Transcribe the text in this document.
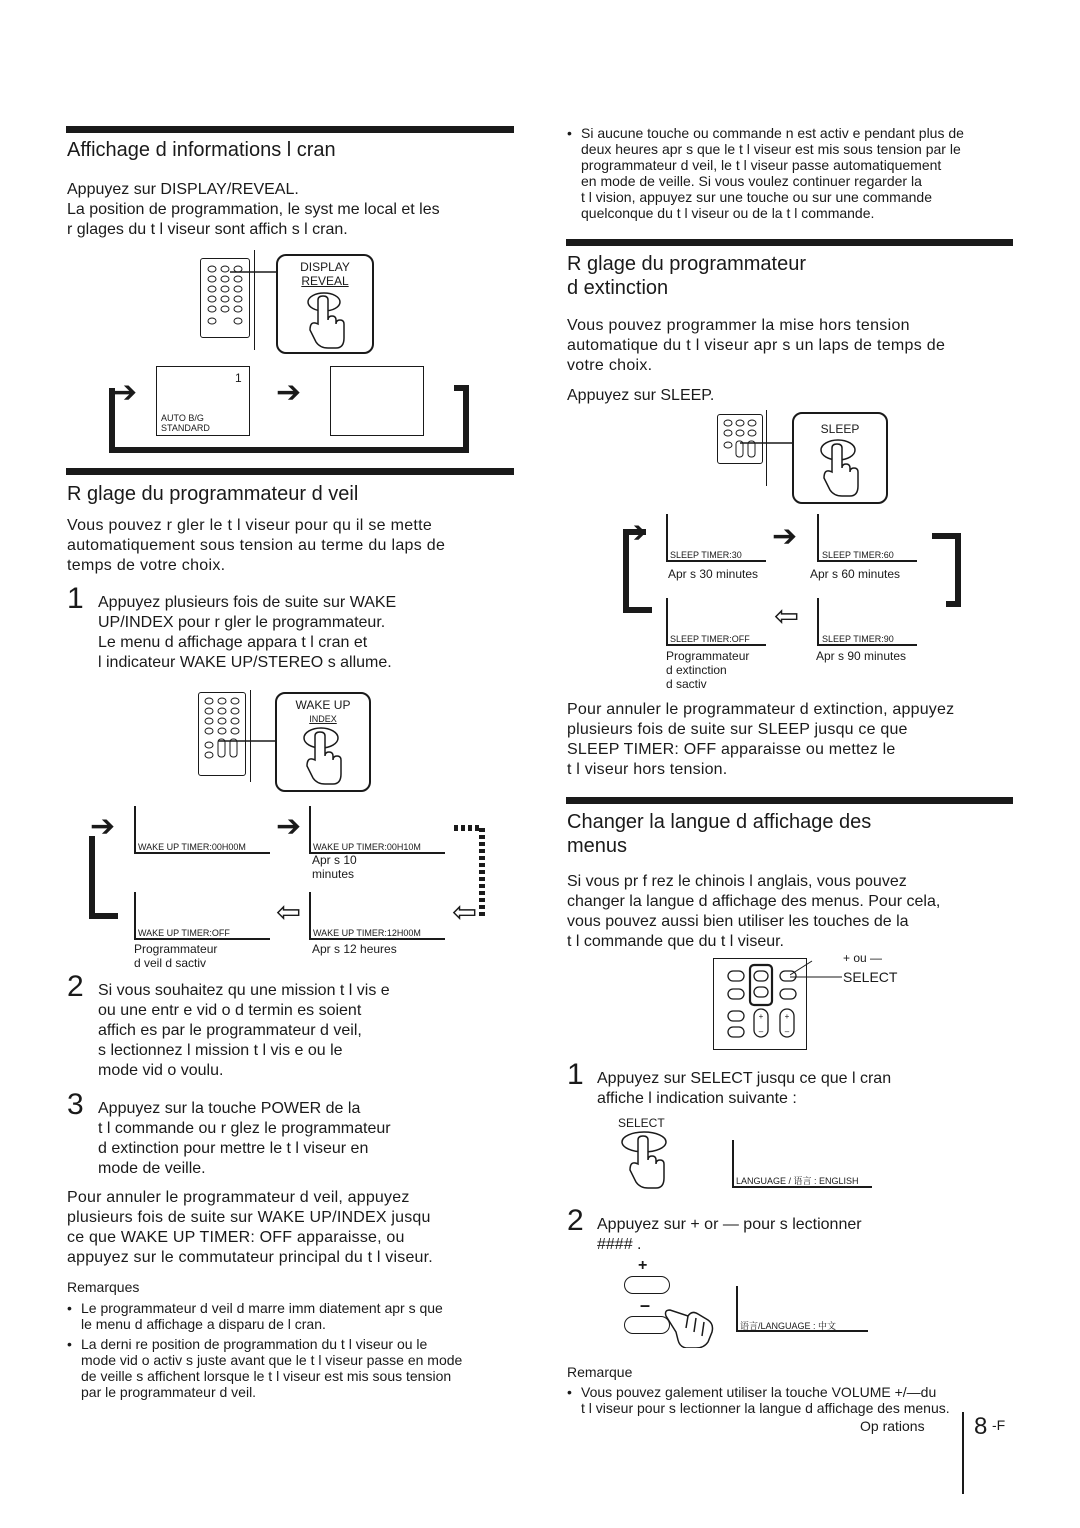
Affichage d informations l cran
Appuyez sur DISPLAY/REVEAL.
La position de programmation, le syst me local et les
r glages du t l viseur sont affich s l cran.
DISPLAY
REVEAL
➔	1
AUTO B/G
STANDARD
➔
R glage du programmateur d veil
Vous pouvez r gler le t l viseur pour qu il se mette
automatiquement sous tension au terme du laps de
temps de votre choix.
1 Appuyez plusieurs fois de suite sur WAKE
UP/INDEX pour r gler le programmateur.
Le menu d affichage appara t l cran et
l indicateur WAKE UP/STEREO s allume.
WAKE UP
INDEX
➔
WAKE UP TIMER:00H00M
➔
WAKE UP TIMER:00H10M
Apr s 10
minutes
WAKE UP TIMER:OFF
Programmateur
d veil d sactiv
⇦
WAKE UP TIMER:12H00M
Apr s 12 heures
⇦
2 Si vous souhaitez qu une mission t l vis e
ou une entr e vid o d termin es soient
affich es par le programmateur d veil,
s lectionnez l mission t l vis e ou le
mode vid o voulu.
3 Appuyez sur la touche POWER de la
t l commande ou r glez le programmateur
d extinction pour mettre le t l viseur en
mode de veille.
Pour annuler le programmateur d veil, appuyez
plusieurs fois de suite sur WAKE UP/INDEX jusqu
ce que WAKE UP TIMER: OFF apparaisse, ou
appuyez sur le commutateur principal du t l viseur.
Remarques
• Le programmateur d veil d marre imm diatement apr s que
le menu d affichage a disparu de l cran.
• La derni re position de programmation du t l viseur ou le
mode vid o activ s juste avant que le t l viseur passe en mode
de veille s affichent lorsque le t l viseur est mis sous tension
par le programmateur d veil.
• Si aucune touche ou commande n est activ e pendant plus de
deux heures apr s que le t l viseur est mis sous tension par le
programmateur d veil, le t l viseur passe automatiquement
en mode de veille. Si vous voulez continuer regarder la
t l vision, appuyez sur une touche ou sur une commande
quelconque du t l viseur ou de la t l commande.
R glage du programmateur
d extinction
Vous pouvez programmer la mise hors tension
automatique du t l viseur apr s un laps de temps de
votre choix.
Appuyez sur SLEEP.
SLEEP
➔
SLEEP TIMER:30
Apr s 30 minutes
➔
SLEEP TIMER:60
Apr s 60 minutes
SLEEP TIMER:OFF
Programmateur
d extinction
d sactiv
⇦
SLEEP TIMER:90
Apr s 90 minutes
Pour annuler le programmateur d extinction, appuyez
plusieurs fois de suite sur SLEEP jusqu ce que
SLEEP TIMER: OFF apparaisse ou mettez le
t l viseur hors tension.
Changer la langue d affichage des
menus
Si vous pr f rez le chinois l anglais, vous pouvez
changer la langue d affichage des menus. Pour cela,
vous pouvez aussi bien utiliser les touches de la
t l commande que du t l viseur.
+	+
–	–
+ ou —
SELECT
1 Appuyez sur SELECT jusqu ce que l cran
affiche l indication suivante :
SELECT
LANGUAGE / 语言 : ENGLISH
2 Appuyez sur + or — pour s lectionner
#### .
+
–
语言/LANGUAGE : 中文
Remarque
• Vous pouvez galement utiliser la touche VOLUME +/—du
t l viseur pour s lectionner la langue d affichage des menus.
Op rations 8 -F
